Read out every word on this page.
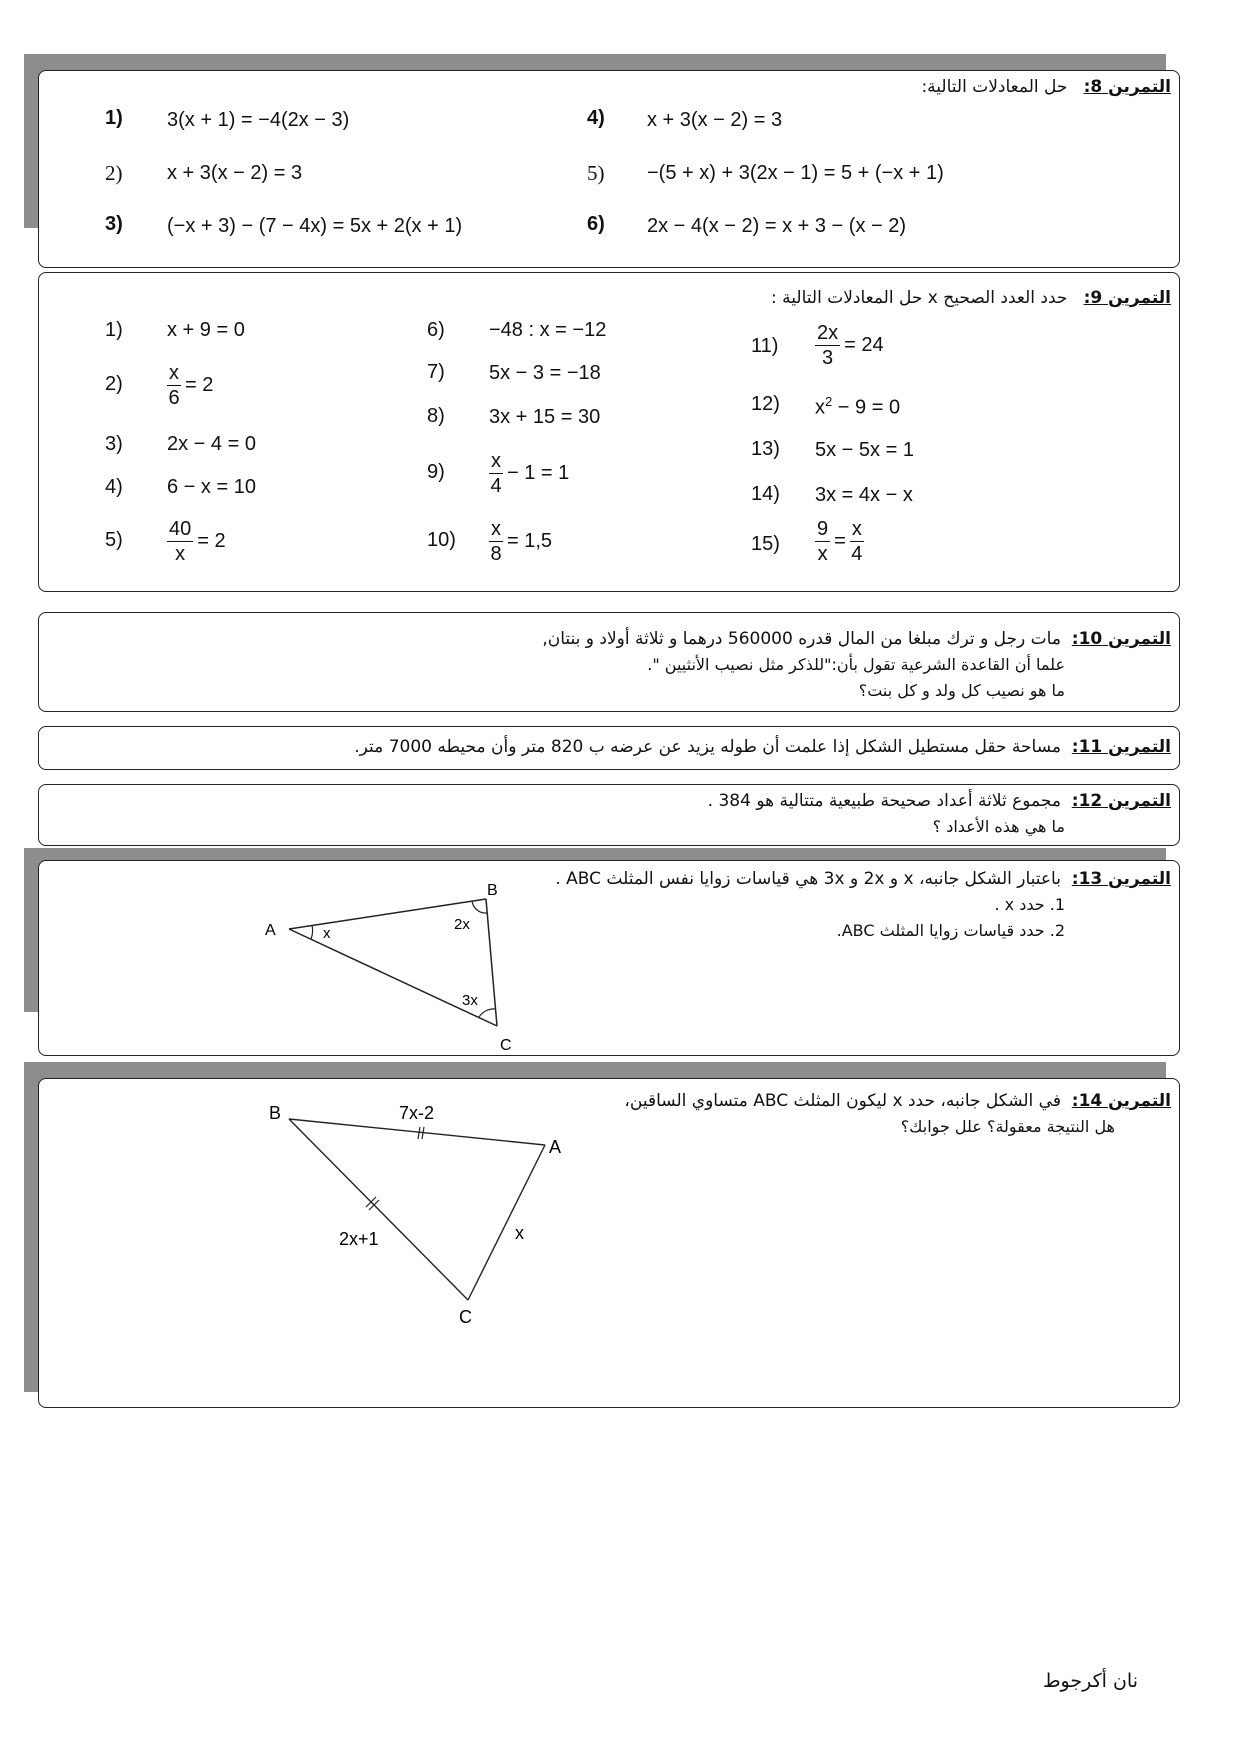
التمرين 8:   حل المعادلات التالية:
1) 3(x + 1) = −4(2x − 3)
2) x + 3(x − 2) = 3
3) (−x + 3) − (7 − 4x) = 5x + 2(x + 1)
4) x + 3(x − 2) = 3
5) −(5 + x) + 3(2x − 1) = 5 + (−x + 1)
6) 2x − 4(x − 2) = x + 3 − (x − 2)
التمرين 9:   حدد العدد الصحيح x حل المعادلات التالية :
1) x + 9 = 0
$2) \frac{x}{6} = 2$
3) 2x − 4 = 0
4) 6 − x = 10
$5) \frac{40}{x} = 2$
6) −48 : x = −12
7) 5x − 3 = −18
8) 3x + 15 = 30
$9) \frac{x}{4} - 1 = 1$
$10) \frac{x}{8} = 1,5$
$11) \frac{2x}{3} = 24$
12) $x^2 - 9 = 0$
13) 5x − 5x = 1
14) 3x = 4x − x
$15) \frac{9}{x} = \frac{x}{4}$
التمرين 10:  مات رجل و ترك مبلغا من المال قدره 560000 درهما و ثلاثة أولاد و بنتان,
علما أن القاعدة الشرعية تقول بأن:"للذكر مثل نصيب الأنثيين ".
ما هو نصيب كل ولد و كل بنت؟
التمرين 11:  مساحة حقل مستطيل الشكل إذا علمت أن طوله يزيد عن عرضه ب 820 متر وأن محيطه 7000 متر.
التمرين 12:  مجموع ثلاثة أعداد صحيحة طبيعية متتالية هو 384 .
ما هي هذه الأعداد ؟
التمرين 13:  باعتبار الشكل جانبه، x و 2x و 3x هي قياسات زوايا نفس المثلث ABC .
1. حدد x .
2. حدد قياسات زوايا المثلث ABC.
A
B
C
x
2x
3x
التمرين 14:  في الشكل جانبه، حدد x ليكون المثلث ABC متساوي الساقين،
هل النتيجة معقولة؟ علل جوابك؟
B
A
C
7x-2
2x+1	x
نان أكرجوط
